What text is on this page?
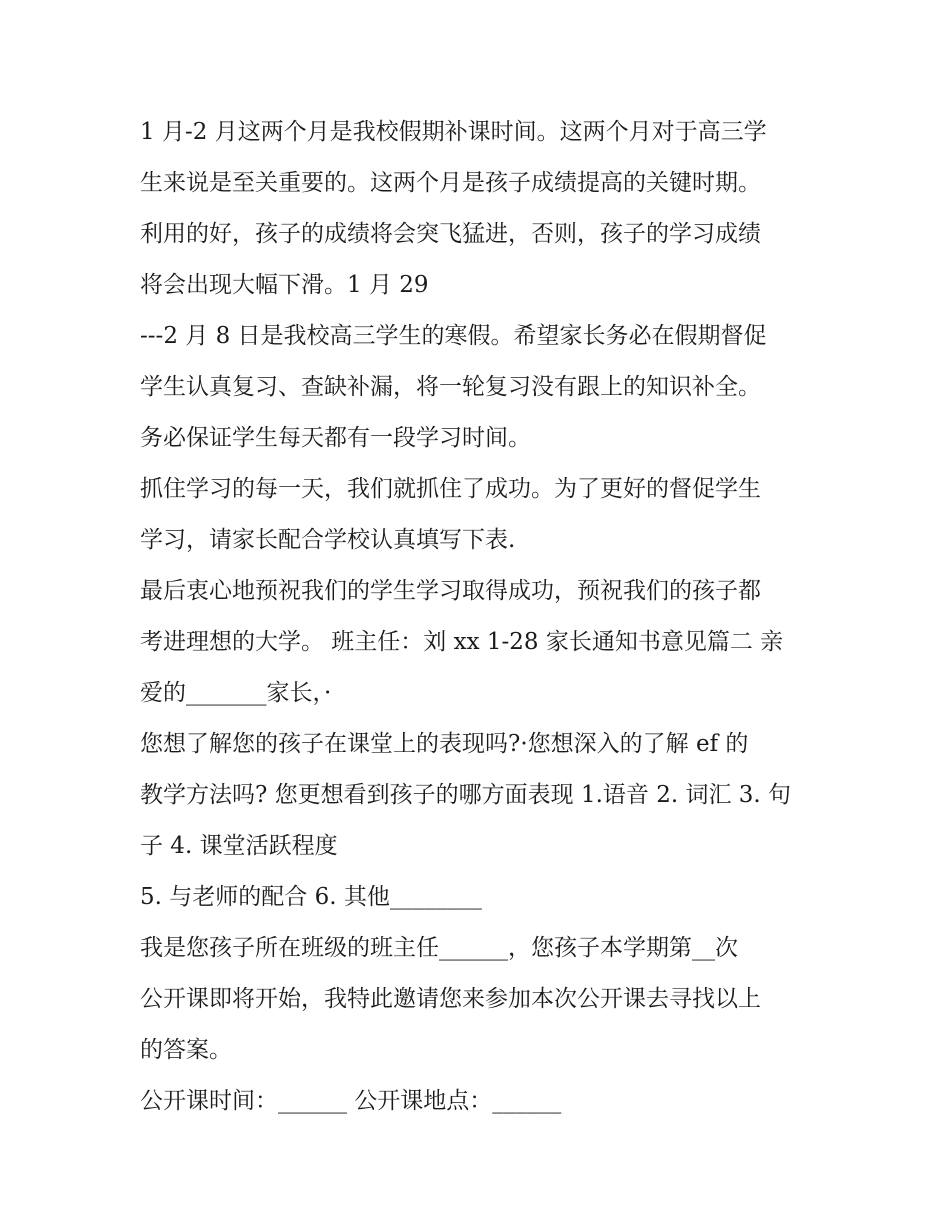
1 月-2 月这两个月是我校假期补课时间。这两个月对于高三学
生来说是至关重要的。这两个月是孩子成绩提高的关键时期。
利用的好，孩子的成绩将会突飞猛进，否则，孩子的学习成绩
将会出现大幅下滑。1 月 29
---2 月 8 日是我校高三学生的寒假。希望家长务必在假期督促
学生认真复习、查缺补漏，将一轮复习没有跟上的知识补全。
务必保证学生每天都有一段学习时间。
抓住学习的每一天，我们就抓住了成功。为了更好的督促学生
学习，请家长配合学校认真填写下表.
最后衷心地预祝我们的学生学习取得成功，预祝我们的孩子都
考进理想的大学。 班主任：刘 xx 1-28 家长通知书意见篇二 亲
爱的_______家长，·
您想了解您的孩子在课堂上的表现吗?·您想深入的了解 ef 的
教学方法吗? 您更想看到孩子的哪方面表现 1.语音 2. 词汇 3. 句
子 4. 课堂活跃程度
5. 与老师的配合 6. 其他________
我是您孩子所在班级的班主任______，您孩子本学期第__次
公开课即将开始，我特此邀请您来参加本次公开课去寻找以上
的答案。
公开课时间：______ 公开课地点：______
